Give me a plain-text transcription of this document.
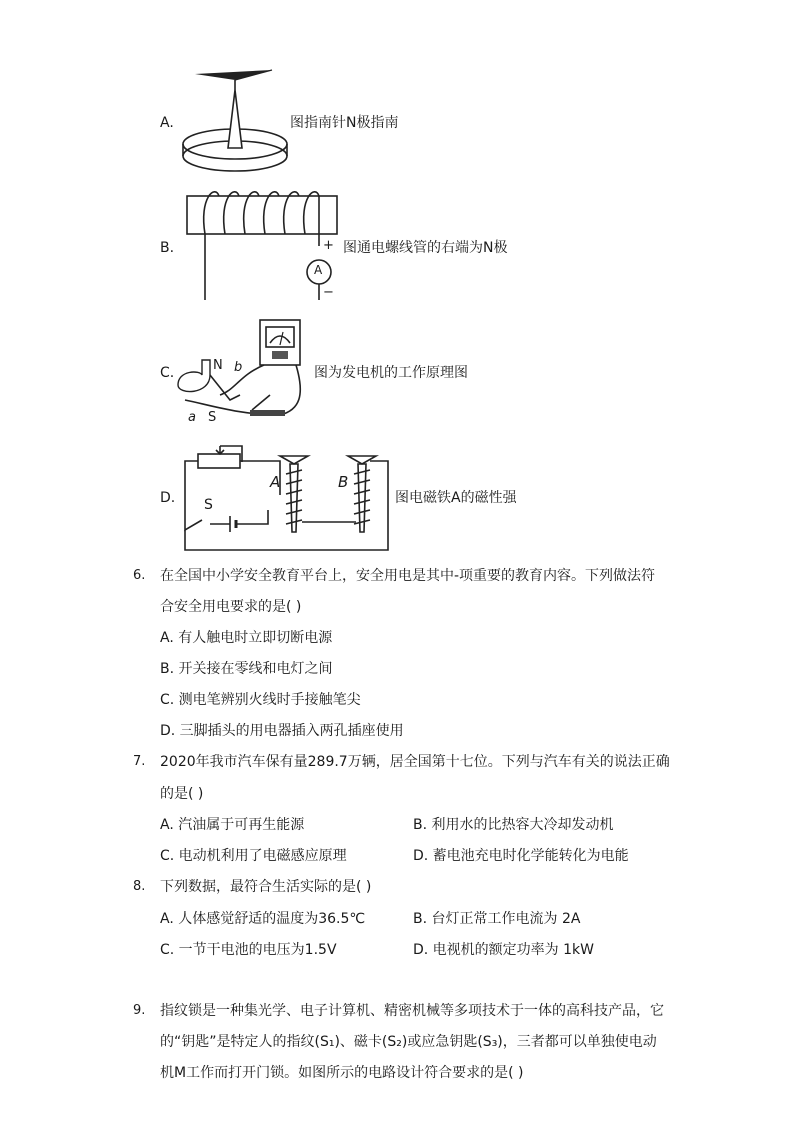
A.	图指南针N极指南
B.	+
A
−
图通电螺线管的右端为N极
C.	N b
S
a
图为发电机的工作原理图
D. S
A	B
图电磁铁A的磁性强
6. 在全国中小学安全教育平台上，安全用电是其中-项重要的教育内容。下列做法符
合安全用电要求的是( )
A. 有人触电时立即切断电源
B. 开关接在零线和电灯之间
C. 测电笔辨别火线时手接触笔尖
D. 三脚插头的用电器插入两孔插座使用
7. 2020年我市汽车保有量289.7万辆，居全国第十七位。下列与汽车有关的说法正确
的是( )
A. 汽油属于可再生能源	B. 利用水的比热容大冷却发动机
C. 电动机利用了电磁感应原理	D. 蓄电池充电时化学能转化为电能
8. 下列数据，最符合生活实际的是( )
A. 人体感觉舒适的温度为36.5℃	B. 台灯正常工作电流为 2A
C. 一节干电池的电压为1.5V	D. 电视机的额定功率为 1kW
9. 指纹锁是一种集光学、电子计算机、精密机械等多项技术于一体的高科技产品，它
的“钥匙”是特定人的指纹(S₁)、磁卡(S₂)或应急钥匙(S₃)，三者都可以单独使电动
机M工作而打开门锁。如图所示的电路设计符合要求的是( )
